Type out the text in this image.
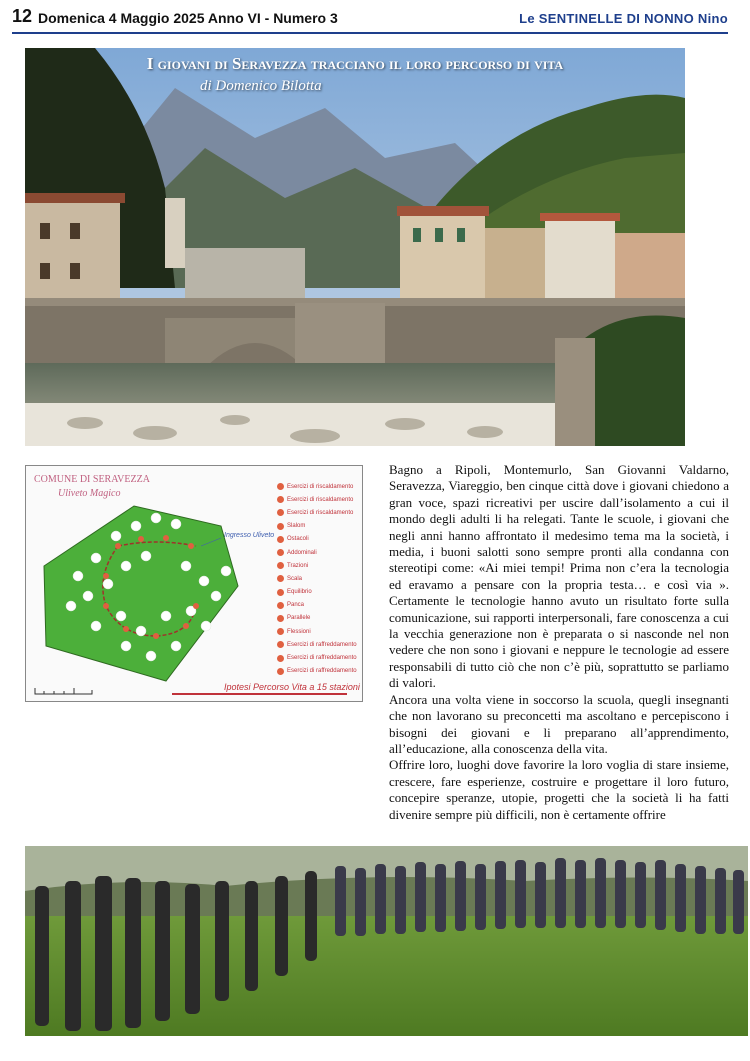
12 Domenica 4 Maggio 2025 Anno VI - Numero 3	Le SENTINELLE DI NONNO Nino
I giovani di Seravezza tracciano il loro percorso di vita
di Domenico Bilotta
COMUNE DI SERAVEZZA
Uliveto Magico
Ingresso Uliveto
Esercizi di riscaldamento
Esercizi di riscaldamento
Esercizi di riscaldamento
Slalom
Ostacoli
Addominali
Trazioni
Scala
Equilibrio
Panca
Parallele
Flessioni
Esercizi di raffreddamento
Esercizi di raffreddamento
Esercizi di raffreddamento
Ipotesi Percorso Vita a 15 stazioni

Bagno a Ripoli, Montemurlo, San Giovanni Valdarno, Seravezza, Viareggio, ben cinque città dove i giovani chiedono a gran voce, spazi ricreativi per uscire dall’isolamento a cui il mondo degli adulti li ha relegati. Tante le scuole, i giovani che negli anni hanno affrontato il medesimo tema ma la società, i media, i buoni salotti sono sempre pronti alla condanna con stereotipi come: «Ai miei tempi! Prima non c’era la tecnologia ed eravamo a pensare con la propria testa… e così via ». Certamente le tecnologie hanno avuto un risultato forte sulla comunicazione, sui rapporti interpersonali, fare conoscenza a cui la vecchia generazione non è preparata o si nasconde nel non vedere che non sono i giovani e neppure le tecnologie ad essere responsabili di tutto ciò che non c’è più, soprattutto se parliamo di valori.

Ancora una volta viene in soccorso la scuola, quegli insegnanti che non lavorano su preconcetti ma ascoltano e percepiscono i bisogni dei giovani e li preparano all’apprendimento, all’educazione, alla conoscenza della vita.

Offrire loro, luoghi dove favorire la loro voglia di stare insieme, crescere, fare esperienze, costruire e progettare il loro futuro, concepire speranze, utopie, progetti che la società li ha fatti divenire sempre più difficili, non è certamente offrire
